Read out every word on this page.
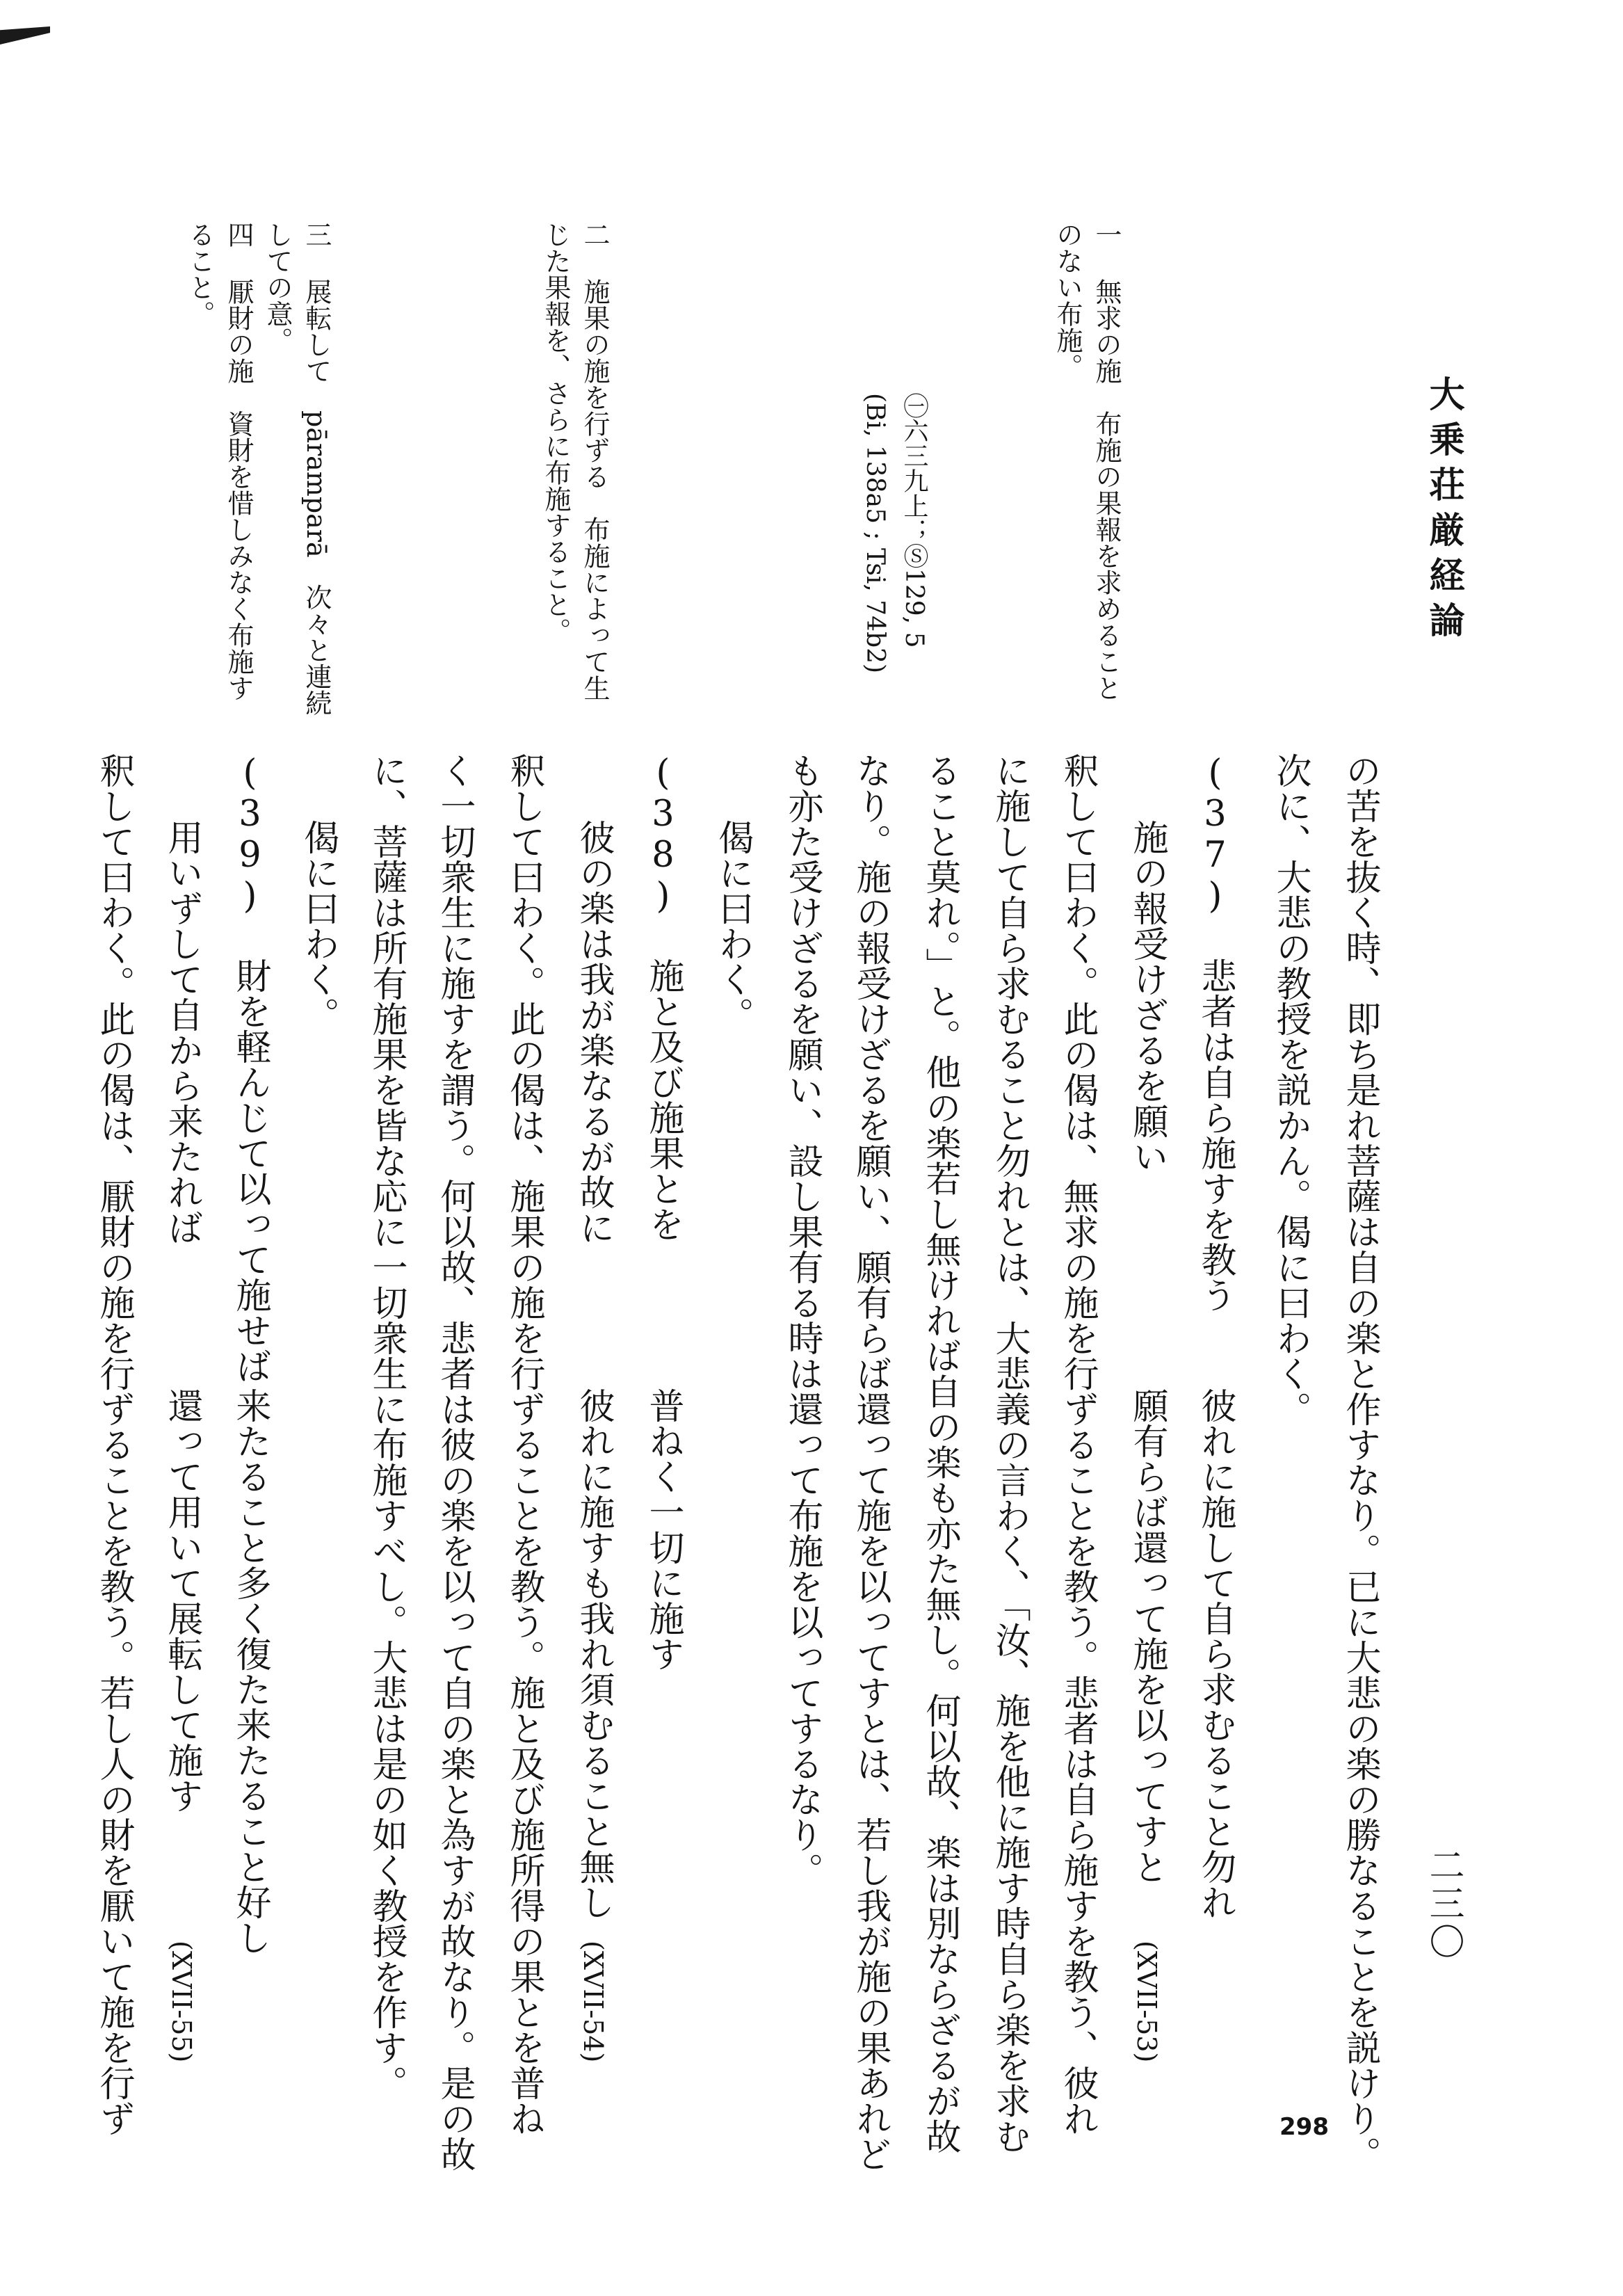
大乗荘厳経論

二三〇

の苦を抜く時、即ち是れ菩薩は自の楽と作すなり。已に大悲の楽の勝なることを説けり。

次に、大悲の教授を説かん。偈に曰わく。

(37) 悲者は自ら施すを教う

彼れに施して自ら求むること勿れ

施の報受けざるを願い

願有らば還って施を以ってすと

(XVII-53)

釈して曰わく。此の偈は、無求の施を行ずることを教う。悲者は自ら施すを教う、彼れ

に施して自ら求むること勿れとは、大悲義の言わく、「汝、施を他に施す時自ら楽を求む

ること莫れ。」と。他の楽若し無ければ自の楽も亦た無し。何以故、楽は別ならざるが故

なり。施の報受けざるを願い、願有らば還って施を以ってすとは、若し我が施の果あれど

も亦た受けざるを願い、設し果有る時は還って布施を以ってするなり。

偈に曰わく。

(38) 施と及び施果とを

普ねく一切に施す

彼の楽は我が楽なるが故に

彼れに施すも我れ須むること無し

(XVII-54)

釈して曰わく。此の偈は、施果の施を行ずることを教う。施と及び施所得の果とを普ね

く一切衆生に施すを謂う。何以故、悲者は彼の楽を以って自の楽と為すが故なり。是の故

に、菩薩は所有施果を皆な応に一切衆生に布施すべし。大悲は是の如く教授を作す。

偈に曰わく。

(39) 財を軽んじて以って施せば

来たること多く復た来たること好し

用いずして自から来たれば

還って用いて展転して施す

(XVII-55)

釈して曰わく。此の偈は、厭財の施を行ずることを教う。若し人の財を厭いて施を行ず

㊀六三九上；Ⓢ129, 5

(Bi, 138a5 ; Tsi, 74b2)	一 無求の施　布施の果報を求めること

のない布施。

二 施果の施を行ずる　布施によって生

じた果報を、さらに布施すること。

三 展転して　pāramparā　次々と連続

しての意。

四 厭財の施　資財を惜しみなく布施す

ること。

298
